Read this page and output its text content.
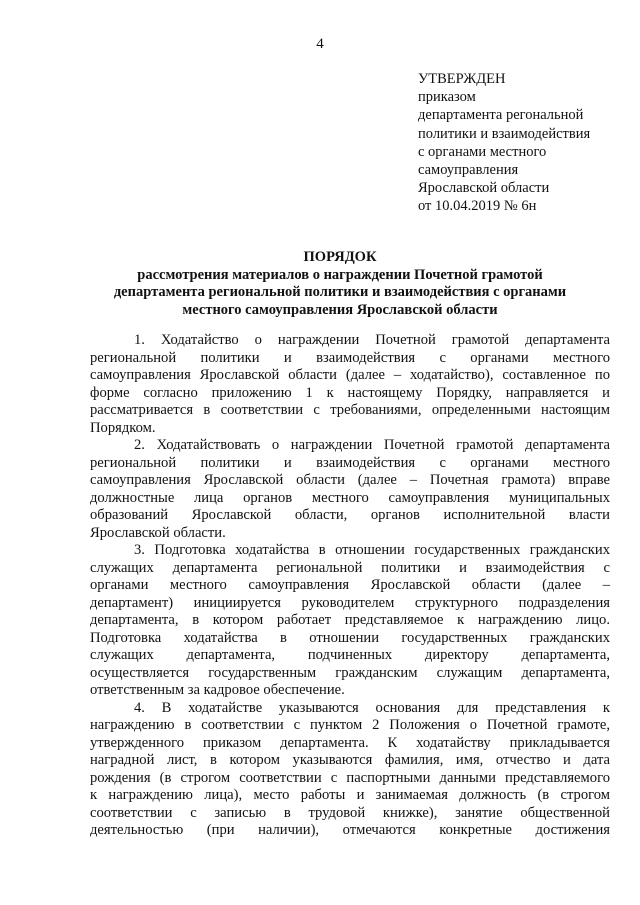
4
УТВЕРЖДЕН
приказом
департамента регональной
политики и взаимодействия
с органами местного
самоуправления
Ярославской области
от 10.04.2019 № 6н
ПОРЯДОК
рассмотрения материалов о награждении Почетной грамотой
департамента региональной политики и взаимодействия с органами
местного самоуправления Ярославской области
1. Ходатайство о награждении Почетной грамотой департамента
региональной политики и взаимодействия с органами местного
самоуправления Ярославской области (далее – ходатайство), составленное по
форме согласно приложению 1 к настоящему Порядку, направляется и
рассматривается в соответствии с требованиями, определенными настоящим
Порядком.
2. Ходатайствовать о награждении Почетной грамотой департамента
региональной политики и взаимодействия с органами местного
самоуправления Ярославской области (далее – Почетная грамота) вправе
должностные лица органов местного самоуправления муниципальных
образований Ярославской области, органов исполнительной власти
Ярославской области.
3. Подготовка ходатайства в отношении государственных гражданских
служащих департамента региональной политики и взаимодействия с
органами местного самоуправления Ярославской области (далее –
департамент) инициируется руководителем структурного подразделения
департамента, в котором работает представляемое к награждению лицо.
Подготовка ходатайства в отношении государственных гражданских
служащих департамента, подчиненных директору департамента,
осуществляется государственным гражданским служащим департамента,
ответственным за кадровое обеспечение.
4. В ходатайстве указываются основания для представления к
награждению в соответствии с пунктом 2 Положения о Почетной грамоте,
утвержденного приказом департамента. К ходатайству прикладывается
наградной лист, в котором указываются фамилия, имя, отчество и дата
рождения (в строгом соответствии с паспортными данными представляемого
к награждению лица), место работы и занимаемая должность (в строгом
соответствии с записью в трудовой книжке), занятие общественной
деятельностью (при наличии), отмечаются конкретные достижения
